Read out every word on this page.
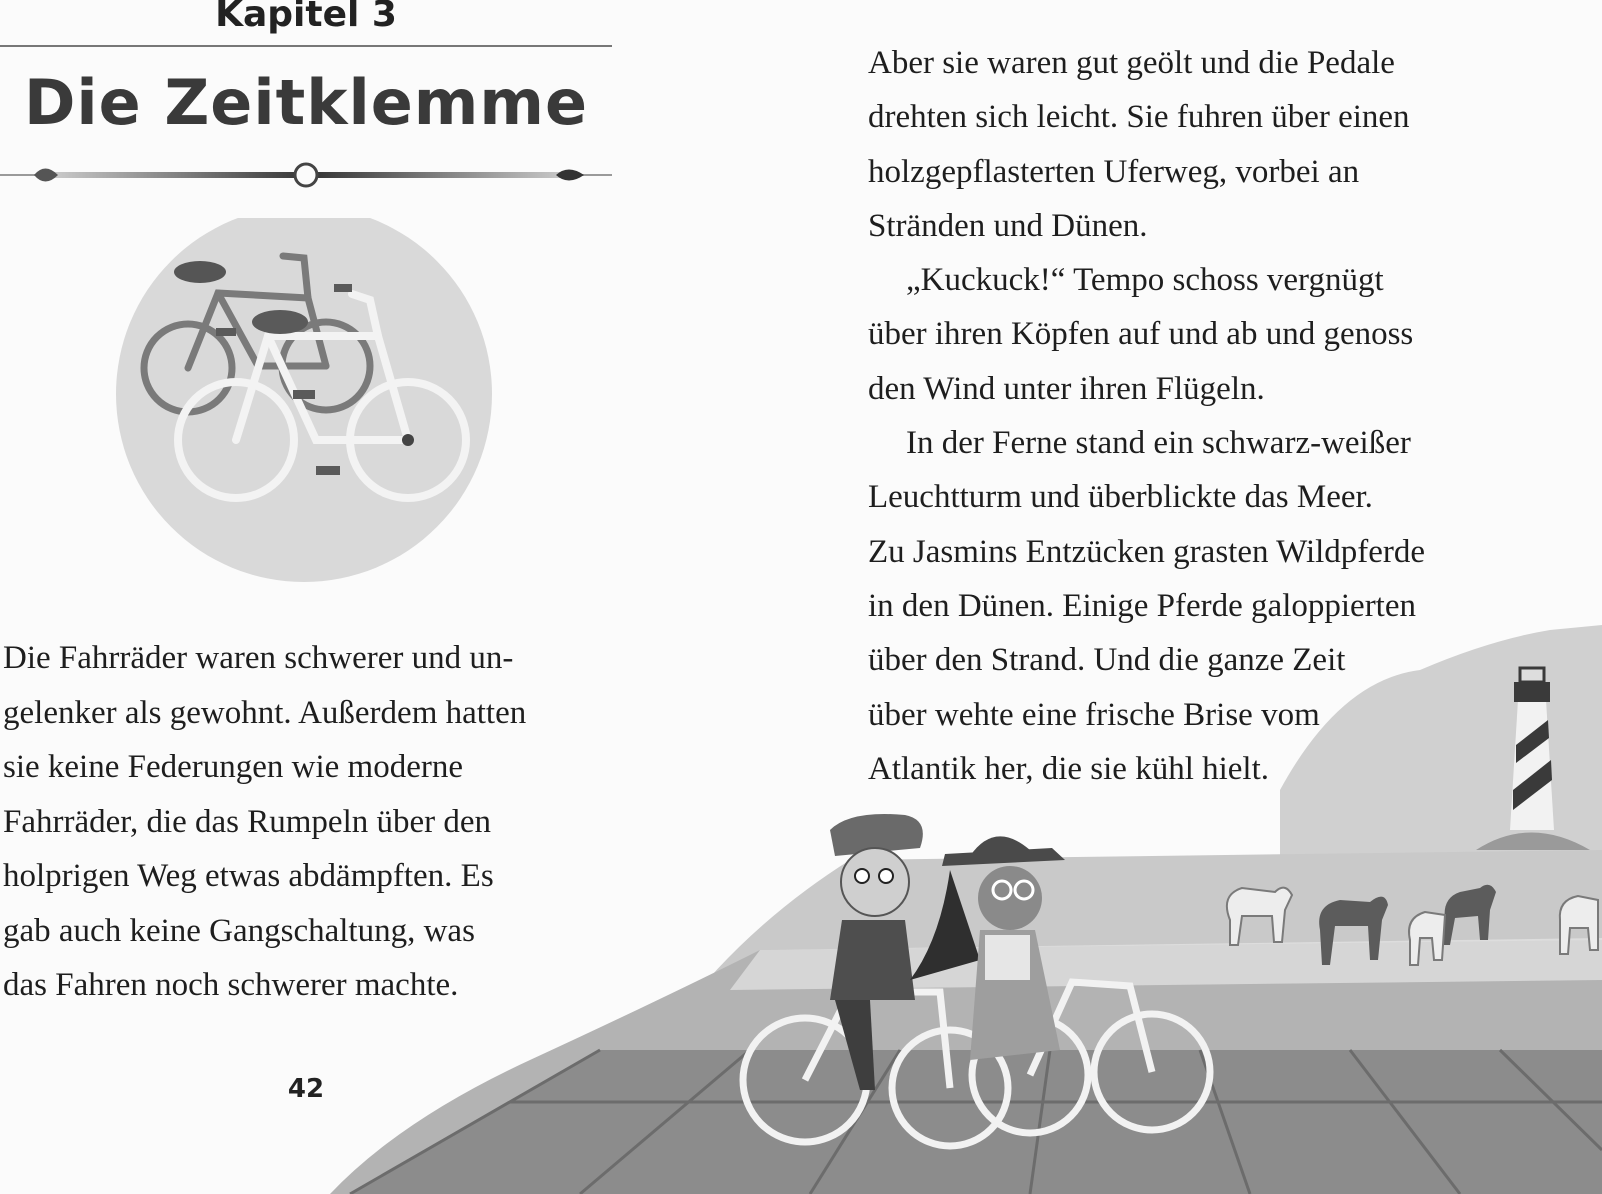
Kapitel 3
Die Zeitklemme
Die Fahrräder waren schwerer und un-
gelenker als gewohnt. Außerdem hatten
sie keine Federungen wie moderne
Fahrräder, die das Rumpeln über den
holprigen Weg etwas abdämpften. Es
gab auch keine Gangschaltung, was
das Fahren noch schwerer machte.
42
Aber sie waren gut geölt und die Pedale
drehten sich leicht. Sie fuhren über einen
holzgepflasterten Uferweg, vorbei an
Stränden und Dünen.
„Kuckuck!“ Tempo schoss vergnügt
über ihren Köpfen auf und ab und genoss
den Wind unter ihren Flügeln.
In der Ferne stand ein schwarz-weißer
Leuchtturm und überblickte das Meer.
Zu Jasmins Entzücken grasten Wildpferde
in den Dünen. Einige Pferde galoppierten
über den Strand. Und die ganze Zeit
über wehte eine frische Brise vom
Atlantik her, die sie kühl hielt.
